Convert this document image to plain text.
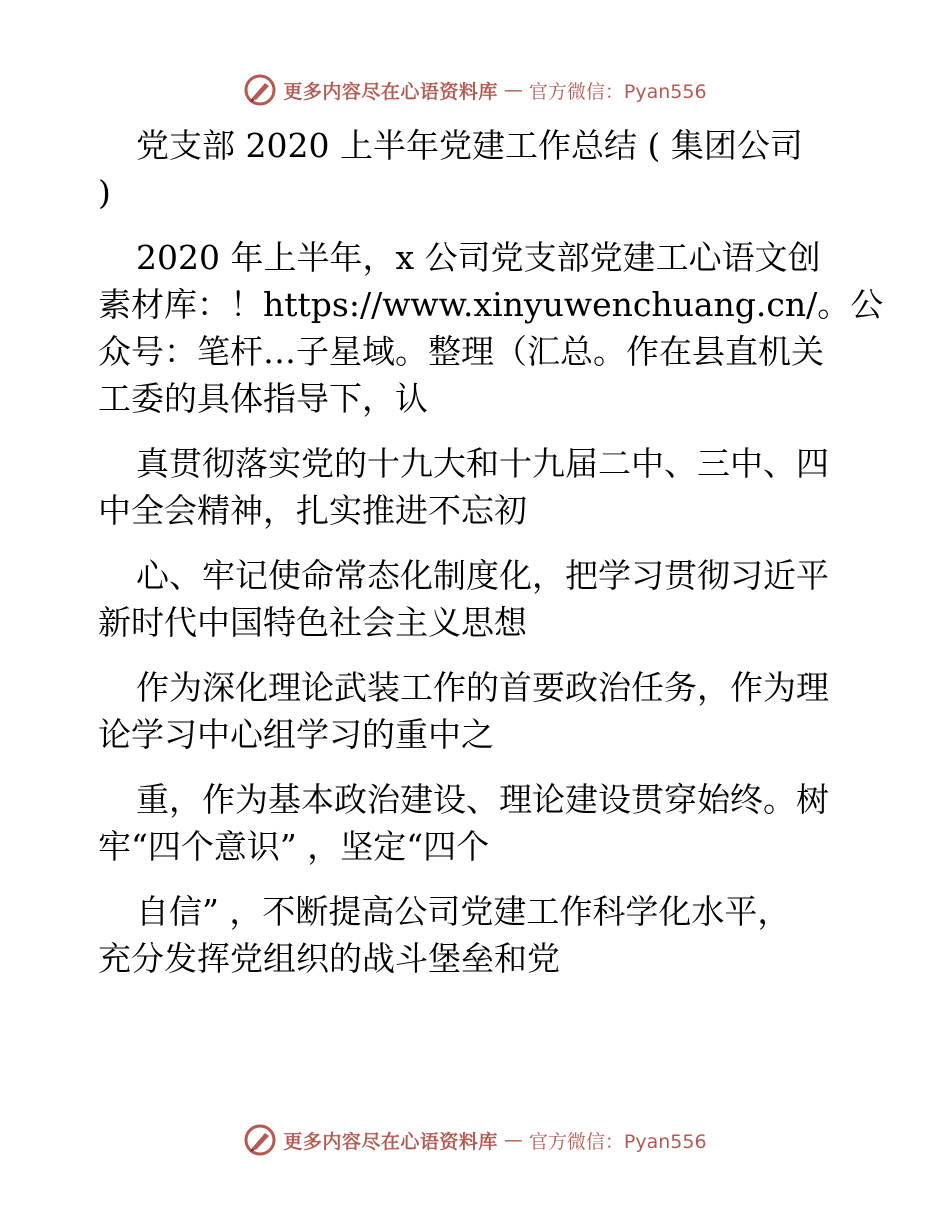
更多内容尽在心语资料库 — 官方微信：Pyan556
党支部 2020 上半年党建工作总结 ( 集团公司
)
2020 年上半年，x 公司党支部党建工心语文创
素材库：！https://www.xinyuwenchuang.cn/。公
众号：笔杆…子星域。整理（汇总。作在县直机关
工委的具体指导下，认
真贯彻落实党的十九大和十九届二中、三中、四
中全会精神，扎实推进不忘初
心、牢记使命常态化制度化，把学习贯彻习近平
新时代中国特色社会主义思想
作为深化理论武装工作的首要政治任务，作为理
论学习中心组学习的重中之
重，作为基本政治建设、理论建设贯穿始终。树
牢“四个意识” ，坚定“四个
自信” ，不断提高公司党建工作科学化水平，
充分发挥党组织的战斗堡垒和党
更多内容尽在心语资料库 — 官方微信：Pyan556
